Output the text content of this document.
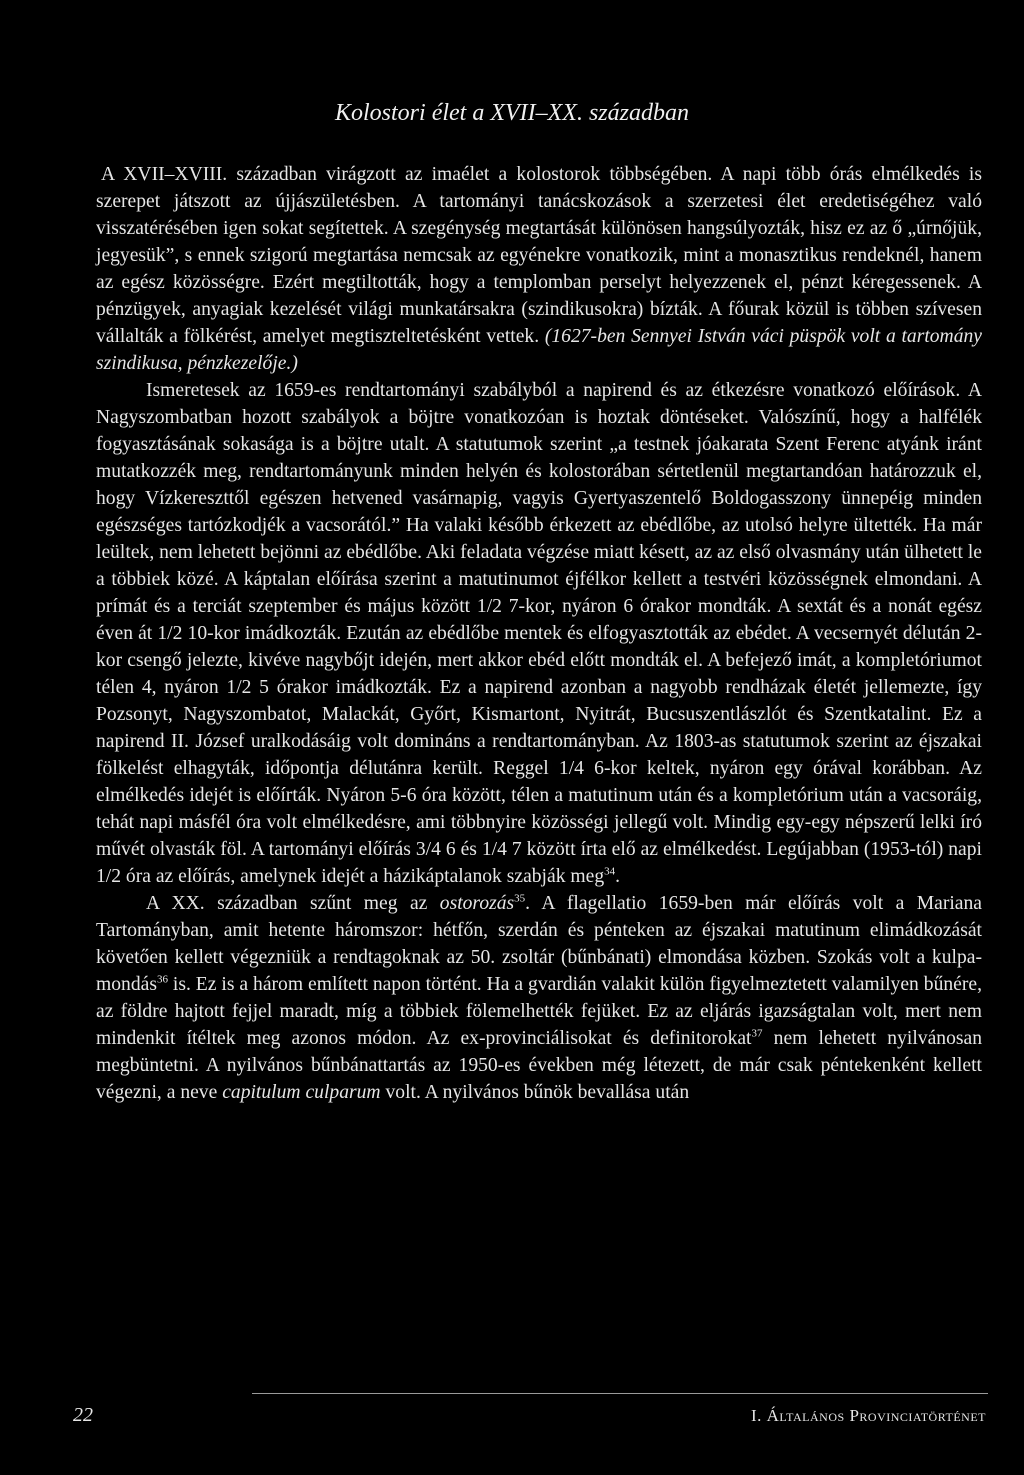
Kolostori élet a XVII–XX. században

A XVII–XVIII. században virágzott az imaélet a kolostorok többségében. A napi több órás elmélkedés is szerepet játszott az újjászületésben. A tartományi tanácskozások a szerzetesi élet eredetiségéhez való visszatérésében igen sokat segítettek. A szegénység megtartását különösen hangsúlyozták, hisz ez az ő „úrnőjük, jegyesük”, s ennek szigorú megtartása nemcsak az egyénekre vonatkozik, mint a monasztikus rendeknél, hanem az egész közösségre. Ezért megtiltották, hogy a templomban perselyt helyezzenek el, pénzt kéregessenek. A pénzügyek, anyagiak kezelését világi munkatársakra (szindikusokra) bízták. A főurak közül is többen szívesen vállalták a fölkérést, amelyet megtiszteltetésként vettek. (1627-ben Sennyei István váci püspök volt a tartomány szindikusa, pénzkezelője.)

Ismeretesek az 1659-es rendtartományi szabályból a napirend és az étkezésre vonatkozó előírások. A Nagyszombatban hozott szabályok a böjtre vonatkozóan is hoztak döntéseket. Valószínű, hogy a halfélék fogyasztásának sokasága is a böjtre utalt. A statutumok szerint „a testnek jóakarata Szent Ferenc atyánk iránt mutatkozzék meg, rendtartományunk minden helyén és kolostorában sértetlenül megtartandóan határozzuk el, hogy Vízkereszttől egészen hetvened vasárnapig, vagyis Gyertyaszentelő Boldogasszony ünnepéig minden egészséges tartózkodjék a vacsorától.” Ha valaki később érkezett az ebédlőbe, az utolsó helyre ültették. Ha már leültek, nem lehetett bejönni az ebédlőbe. Aki feladata végzése miatt késett, az az első olvasmány után ülhetett le a többiek közé. A káptalan előírása szerint a matutinumot éjfélkor kellett a testvéri közösségnek elmondani. A prímát és a terciát szeptember és május között 1/2 7-kor, nyáron 6 órakor mondták. A sextát és a nonát egész éven át 1/2 10-kor imádkozták. Ezután az ebédlőbe mentek és elfogyasztották az ebédet. A vecsernyét délután 2-kor csengő jelezte, kivéve nagybőjt idején, mert akkor ebéd előtt mondták el. A befejező imát, a kompletóriumot télen 4, nyáron 1/2 5 órakor imádkozták. Ez a napirend azonban a nagyobb rendházak életét jellemezte, így Pozsonyt, Nagyszombatot, Malackát, Győrt, Kismartont, Nyitrát, Bucsuszentlászlót és Szentkatalint. Ez a napirend II. József uralkodásáig volt domináns a rendtartományban. Az 1803-as statutumok szerint az éjszakai fölkelést elhagyták, időpontja délutánra került. Reggel 1/4 6-kor keltek, nyáron egy órával korábban. Az elmélkedés idejét is előírták. Nyáron 5-6 óra között, télen a matutinum után és a kompletórium után a vacsoráig, tehát napi másfél óra volt elmélkedésre, ami többnyire közösségi jellegű volt. Mindig egy-egy népszerű lelki író művét olvasták föl. A tartományi előírás 3/4 6 és 1/4 7 között írta elő az elmélkedést. Legújabban (1953-tól) napi 1/2 óra az előírás, amelynek idejét a házikáptalanok szabják meg$^{34}$.

A XX. században szűnt meg az ostorozás$^{35}$. A flagellatio 1659-ben már előírás volt a Mariana Tartományban, amit hetente háromszor: hétfőn, szerdán és pénteken az éjszakai matutinum elimádkozását követően kellett végezniük a rendtagoknak az 50. zsoltár (bűnbánati) elmondása közben. Szokás volt a kulpa-mondás$^{36}$ is. Ez is a három említett napon történt. Ha a gvardián valakit külön figyelmeztetett valamilyen bűnére, az földre hajtott fejjel maradt, míg a többiek fölemelhették fejüket. Ez az eljárás igazságtalan volt, mert nem mindenkit ítéltek meg azonos módon. Az ex-provinciálisokat és definitorokat$^{37}$ nem lehetett nyilvánosan megbüntetni. A nyilvános bűnbánattartás az 1950-es években még létezett, de már csak péntekenként kellett végezni, a neve capitulum culparum volt. A nyilvános bűnök bevallása után

22	I. Általános Provinciatörténet
